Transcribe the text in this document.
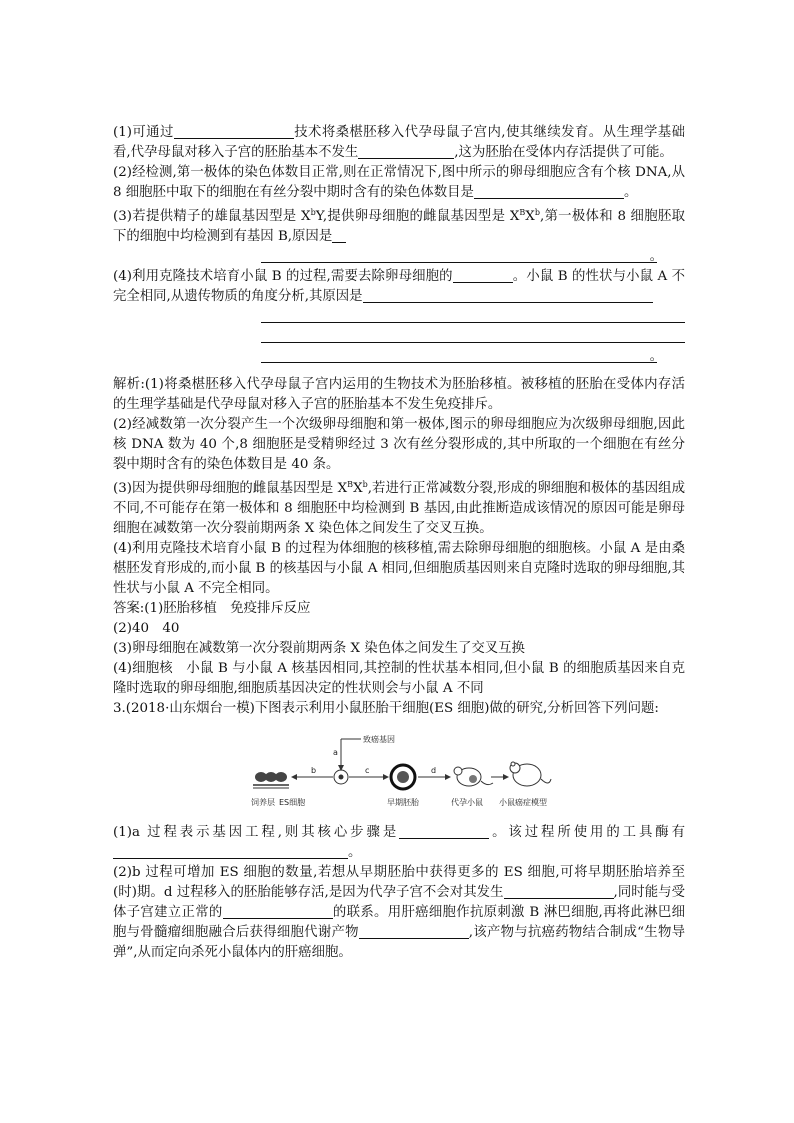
(1)可通过	技术将桑椹胚移入代孕母鼠子宫内,使其继续发育。从生理学基础看,代孕母鼠对移入子宫的胚胎基本不发生	,这为胚胎在受体内存活提供了可能。

(2)经检测,第一极体的染色体数目正常,则在正常情况下,图中所示的卵母细胞应含有个核 DNA,从 8 细胞胚中取下的细胞在有丝分裂中期时含有的染色体数目是	。

(3)若提供精子的雄鼠基因型是 $X^bY$,提供卵母细胞的雌鼠基因型是 $X^BX^b$,第一极体和 8 细胞胚取下的细胞中均检测到有基因 B,原因是

。

(4)利用克隆技术培育小鼠 B 的过程,需要去除卵母细胞的	。小鼠 B 的性状与小鼠 A 不完全相同,从遗传物质的角度分析,其原因是

。

解析:(1)将桑椹胚移入代孕母鼠子宫内运用的生物技术为胚胎移植。被移植的胚胎在受体内存活的生理学基础是代孕母鼠对移入子宫的胚胎基本不发生免疫排斥。

(2)经减数第一次分裂产生一个次级卵母细胞和第一极体,图示的卵母细胞应为次级卵母细胞,因此核 DNA 数为 40 个,8 细胞胚是受精卵经过 3 次有丝分裂形成的,其中所取的一个细胞在有丝分裂中期时含有的染色体数目是 40 条。

(3)因为提供卵母细胞的雌鼠基因型是 $X^BX^b$,若进行正常减数分裂,形成的卵细胞和极体的基因组成不同,不可能存在第一极体和 8 细胞胚中均检测到 B 基因,由此推断造成该情况的原因可能是卵母细胞在减数第一次分裂前期两条 X 染色体之间发生了交叉互换。

(4)利用克隆技术培育小鼠 B 的过程为体细胞的核移植,需去除卵母细胞的细胞核。小鼠 A 是由桑椹胚发育形成的,而小鼠 B 的核基因与小鼠 A 相同,但细胞质基因则来自克隆时选取的卵母细胞,其性状与小鼠 A 不完全相同。

答案:(1)胚胎移植　免疫排斥反应

(2)40　40

(3)卵母细胞在减数第一次分裂前期两条 X 染色体之间发生了交叉互换

(4)细胞核　小鼠 B 与小鼠 A 核基因相同,其控制的性状基本相同,但小鼠 B 的细胞质基因来自克隆时选取的卵母细胞,细胞质基因决定的性状则会与小鼠 A 不同

3.(2018·山东烟台一模)下图表示利用小鼠胚胎干细胞(ES 细胞)做的研究,分析回答下列问题:

b
a
致癌基因
c	d
饲养层 ES细胞	早期胚胎	代孕小鼠 小鼠癌症模型

(1)a 过程表示基因工程,则其核心步骤是	。该过程所使用的工具酶有。

(2)b 过程可增加 ES 细胞的数量,若想从早期胚胎中获得更多的 ES 细胞,可将早期胚胎培养至(时)期。d 过程移入的胚胎能够存活,是因为代孕子宫不会对其发生	,同时能与受体子宫建立正常的	的联系。用肝癌细胞作抗原刺激 B 淋巴细胞,再将此淋巴细胞与骨髓瘤细胞融合后获得细胞代谢产物	,该产物与抗癌药物结合制成“生物导弹”,从而定向杀死小鼠体内的肝癌细胞。
